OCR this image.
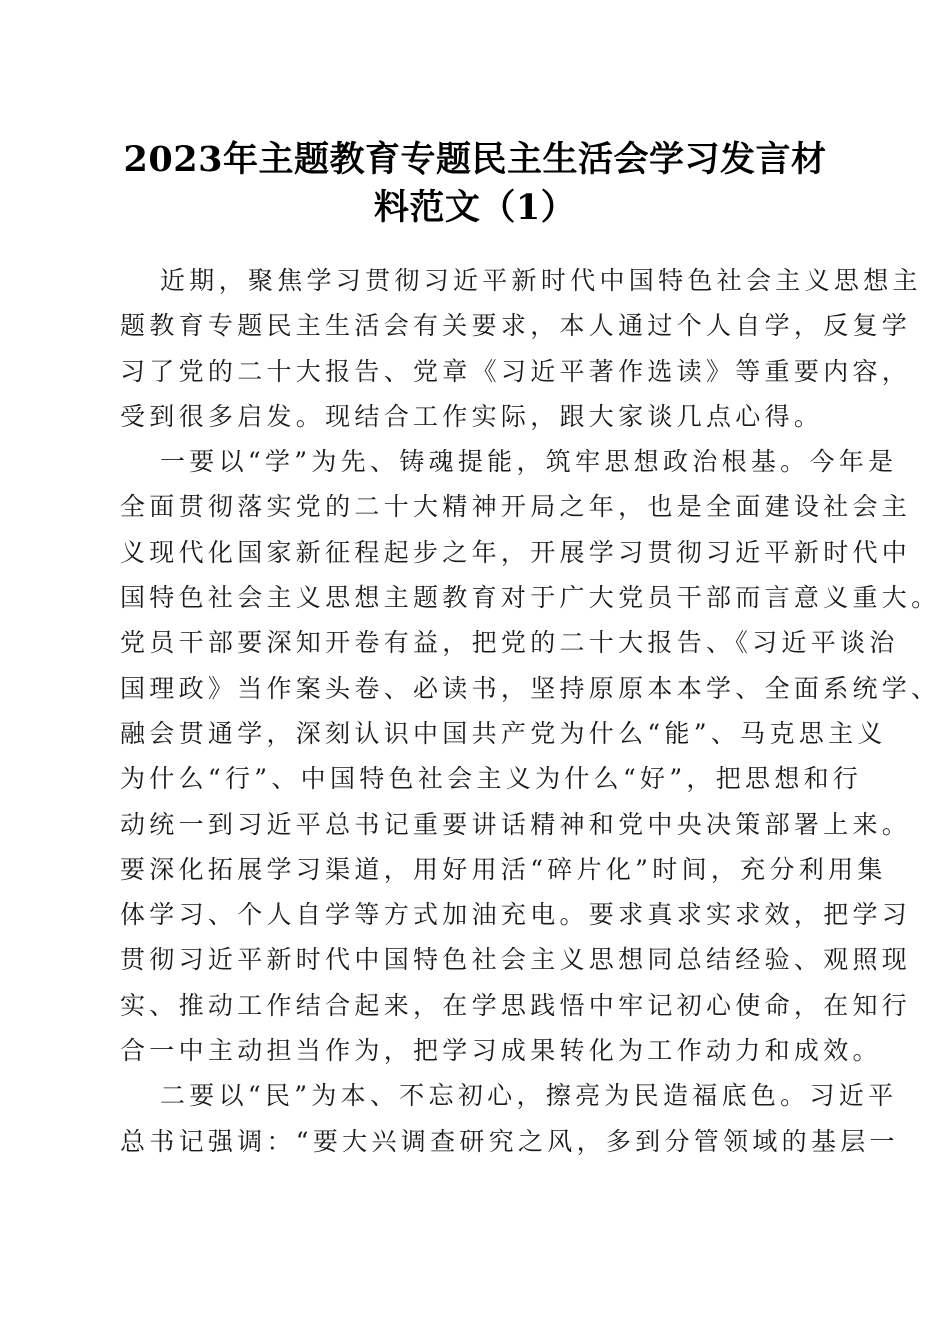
2023年主题教育专题民主生活会学习发言材
料范文（1）
近期，聚焦学习贯彻习近平新时代中国特色社会主义思想主
题教育专题民主生活会有关要求，本人通过个人自学，反复学
习了党的二十大报告、党章《习近平著作选读》等重要内容，
受到很多启发。现结合工作实际，跟大家谈几点心得。
一要以“学”为先、铸魂提能，筑牢思想政治根基。今年是
全面贯彻落实党的二十大精神开局之年，也是全面建设社会主
义现代化国家新征程起步之年，开展学习贯彻习近平新时代中
国特色社会主义思想主题教育对于广大党员干部而言意义重大。
党员干部要深知开卷有益，把党的二十大报告、《习近平谈治
国理政》当作案头卷、必读书，坚持原原本本学、全面系统学、
融会贯通学，深刻认识中国共产党为什么“能”、马克思主义
为什么“行”、中国特色社会主义为什么“好”，把思想和行
动统一到习近平总书记重要讲话精神和党中央决策部署上来。
要深化拓展学习渠道，用好用活“碎片化”时间，充分利用集
体学习、个人自学等方式加油充电。要求真求实求效，把学习
贯彻习近平新时代中国特色社会主义思想同总结经验、观照现
实、推动工作结合起来，在学思践悟中牢记初心使命，在知行
合一中主动担当作为，把学习成果转化为工作动力和成效。
二要以“民”为本、不忘初心，擦亮为民造福底色。习近平
总书记强调：“要大兴调查研究之风，多到分管领域的基层一
